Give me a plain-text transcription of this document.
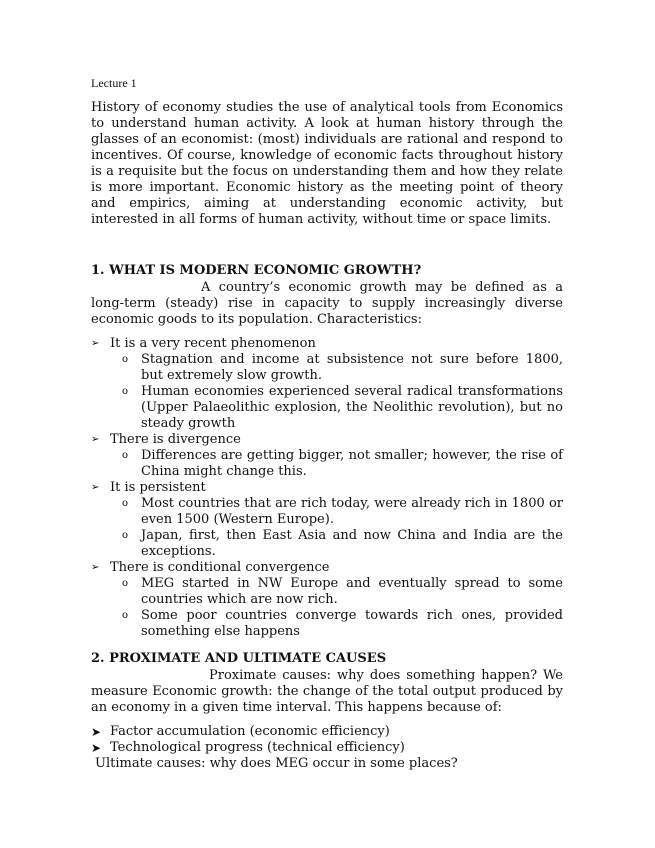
Lecture 1

History of economy studies the use of analytical tools from Economics to understand human activity. A look at human history through the glasses of an economist: (most) individuals are rational and respond to incentives. Of course, knowledge of economic facts throughout history is a requisite but the focus on understanding them and how they relate is more important. Economic history as the meeting point of theory and empirics, aiming at understanding economic activity, but interested in all forms of human activity, without time or space limits.

1. WHAT IS MODERN ECONOMIC GROWTH?

A country’s economic growth may be defined as a long-term (steady) rise in capacity to supply increasingly diverse economic goods to its population. Characteristics:

➢ It is a very recent phenomenon
o Stagnation and income at subsistence not sure before 1800, but extremely slow growth.
o Human economies experienced several radical transformations (Upper Palaeolithic explosion, the Neolithic revolution), but no steady growth
➢ There is divergence
o Differences are getting bigger, not smaller; however, the rise of China might change this.
➢ It is persistent
o Most countries that are rich today, were already rich in 1800 or even 1500 (Western Europe).
o Japan, first, then East Asia and now China and India are the exceptions.
➢ There is conditional convergence
o MEG started in NW Europe and eventually spread to some countries which are now rich.
o Some poor countries converge towards rich ones, provided something else happens
2. PROXIMATE AND ULTIMATE CAUSES

Proximate causes: why does something happen? We measure Economic growth: the change of the total output produced by an economy in a given time interval. This happens because of:

➤ Factor accumulation (economic efficiency)
➤ Technological progress (technical efficiency)
Ultimate causes: why does MEG occur in some places?
